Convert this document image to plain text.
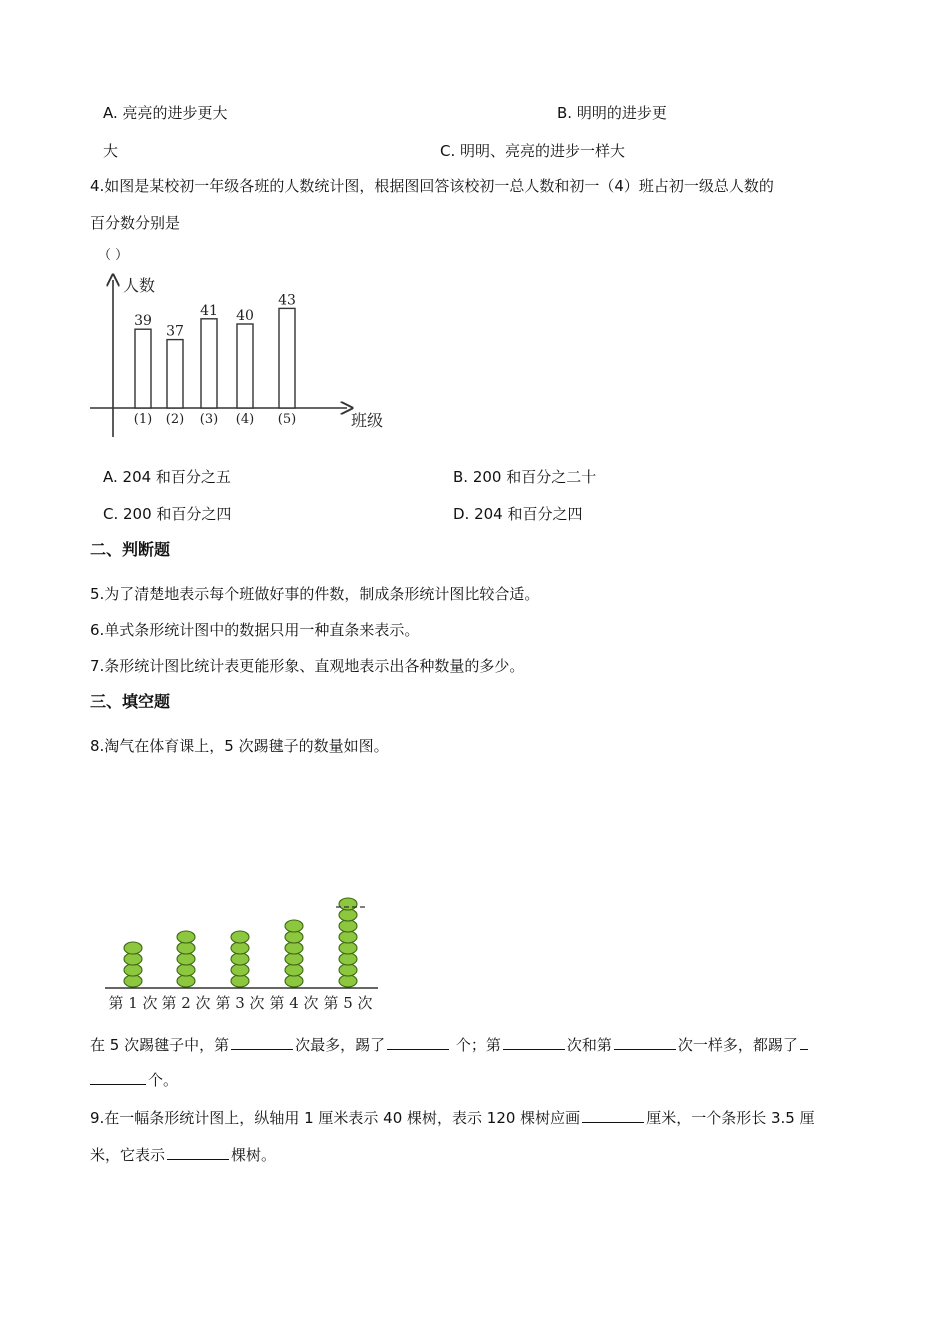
A. 亮亮的进步更大	B. 明明的进步更
大	C. 明明、亮亮的进步一样大
4.如图是某校初一年级各班的人数统计图，根据图回答该校初一总人数和初一（4）班占初一级总人数的
百分数分别是
（ ）
人数
班级
39
(1)
37
(2)
41
(3)
40
(4)
43
(5)
A. 204 和百分之五	B. 200 和百分之二十
C. 200 和百分之四	D. 204 和百分之四
二、判断题
5.为了清楚地表示每个班做好事的件数，制成条形统计图比较合适。
6.单式条形统计图中的数据只用一种直条来表示。
7.条形统计图比统计表更能形象、直观地表示出各种数量的多少。
三、填空题
8.淘气在体育课上，5 次踢毽子的数量如图。
第 1 次 第 2 次 第 3 次 第 4 次 第 5 次
在 5 次踢毽子中，第	次最多，踢了	个；第	次和第	次一样多，都踢了
个。
9.在一幅条形统计图上，纵轴用 1 厘米表示 40 棵树，表示 120 棵树应画	厘米，一个条形长 3.5 厘
米，它表示	棵树。
